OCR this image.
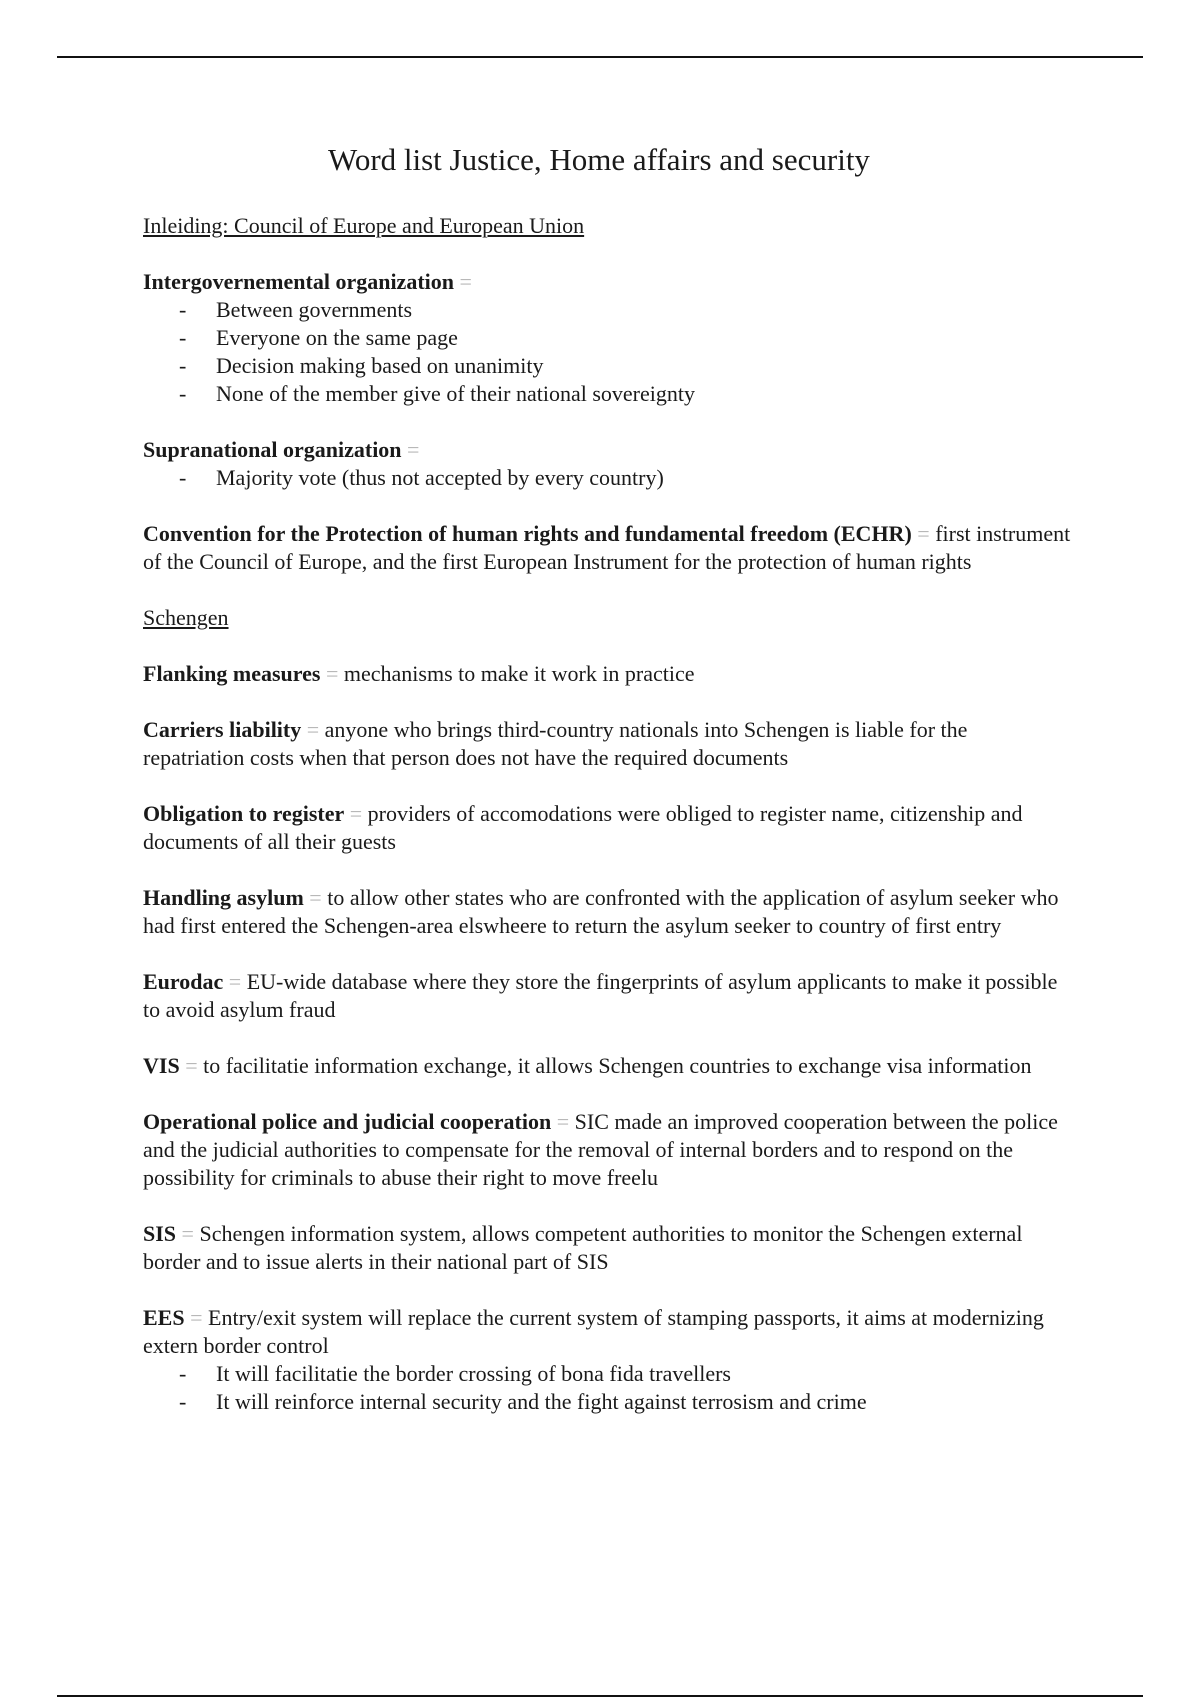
Word list Justice, Home affairs and security
Inleiding: Council of Europe and European Union
Intergovernemental organization =
- Between governments
- Everyone on the same page
- Decision making based on unanimity
- None of the member give of their national sovereignty
Supranational organization =
- Majority vote (thus not accepted by every country)
Convention for the Protection of human rights and fundamental freedom (ECHR) = first instrument of the Council of Europe, and the first European Instrument for the protection of human rights
Schengen
Flanking measures = mechanisms to make it work in practice
Carriers liability = anyone who brings third-country nationals into Schengen is liable for the repatriation costs when that person does not have the required documents
Obligation to register = providers of accomodations were obliged to register name, citizenship and documents of all their guests
Handling asylum = to allow other states who are confronted with the application of asylum seeker who had first entered the Schengen-area elswheere to return the asylum seeker to country of first entry
Eurodac = EU-wide database where they store the fingerprints of asylum applicants to make it possible to avoid asylum fraud
VIS = to facilitatie information exchange, it allows Schengen countries to exchange visa information
Operational police and judicial cooperation = SIC made an improved cooperation between the police and the judicial authorities to compensate for the removal of internal borders and to respond on the possibility for criminals to abuse their right to move freelu
SIS = Schengen information system, allows competent authorities to monitor the Schengen external border and to issue alerts in their national part of SIS
EES = Entry/exit system will replace the current system of stamping passports, it aims at modernizing extern border control
- It will facilitatie the border crossing of bona fida travellers
- It will reinforce internal security and the fight against terrosism and crime
